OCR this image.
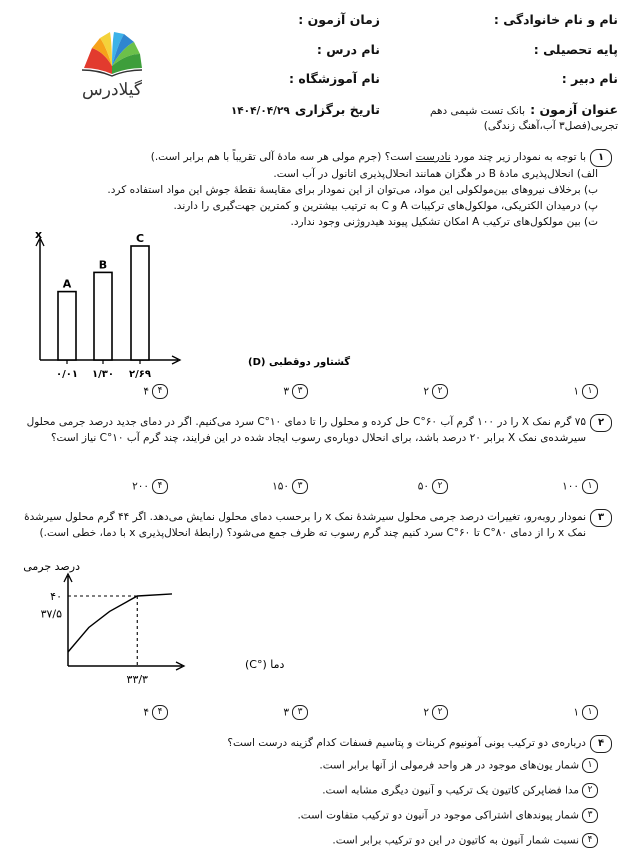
نام و نام خانوادگی :
زمان آزمون :
پایه تحصیلی :
نام درس :
نام دبیر :
نام آموزشگاه :
عنوان آزمون : بانک تست شیمی دهم
تاریخ برگزاری ۱۴۰۴/۰۴/۲۹
تجربی(فصل۳ آب،آهنگ زندگی)
گیلادرس
۱
با توجه به نمودار زیر چند مورد نادرست است؟ (جرم مولی هر سه مادهٔ آلی تقریباً با هم برابر است.)
الف) انحلال‌پذیری مادهٔ B در هگزان همانند انحلال‌پذیری اتانول در آب است.
ب) برخلاف نیروهای بین‌مولکولی این مواد، می‌توان از این نمودار برای مقایسهٔ نقطهٔ جوش این مواد استفاده کرد.
پ) درمیدان الکتریکی، مولکول‌های ترکیبات A و C به ترتیب بیشترین و کمترین جهت‌گیری را دارند.
ت) بین مولکول‌های ترکیب A امکان تشکیل پیوند هیدروژنی وجود ندارد.
x
A
۰/۰۱
B
۱/۳۰
C
۲/۶۹
گشتاور دوقطبی (D)
۱۱
۲۲
۳۳
۴۴
۲
۷۵ گرم نمک X را در ۱۰۰ گرم آب ۶۰°C حل کرده و محلول را تا دمای ۱۰°C سرد می‌کنیم. اگر در دمای جدید درصد جرمی محلول سیرشده‌ی نمک X برابر ۲۰ درصد باشد، برای انحلال دوباره‌ی رسوب ایجاد شده در این فرایند، چند گرم آب ۱۰°C نیاز است؟
۱۱۰۰
۲۵۰
۳۱۵۰
۴۲۰۰
۳
نمودار روبه‌رو، تغییرات درصد جرمی محلول سیرشدهٔ نمک x را برحسب دمای محلول نمایش می‌دهد. اگر ۴۴ گرم محلول سیرشدهٔ نمک x را از دمای ۸۰°C تا ۶۰°C سرد کنیم چند گرم رسوب ته ظرف جمع می‌شود؟ (رابطهٔ انحلال‌پذیری x با دما، خطی است.)
درصد جرمی
۴۰
۳۷/۵
۳۳/۳
دما (°C)
۱۱
۲۲
۳۳
۴۴
۴
درباره‌ی دو ترکیب یونی آمونیوم کربنات و پتاسیم فسفات کدام گزینه درست است؟
۱شمار یون‌های موجود در هر واحد فرمولی از آنها برابر است.
۲مدا فضاپرکن کاتیون یک ترکیب و آنیون دیگری مشابه است.
۳شمار پیوندهای اشتراکی موجود در آنیون دو ترکیب متفاوت است.
۴نسبت شمار آنیون به کاتیون در این دو ترکیب برابر است.
